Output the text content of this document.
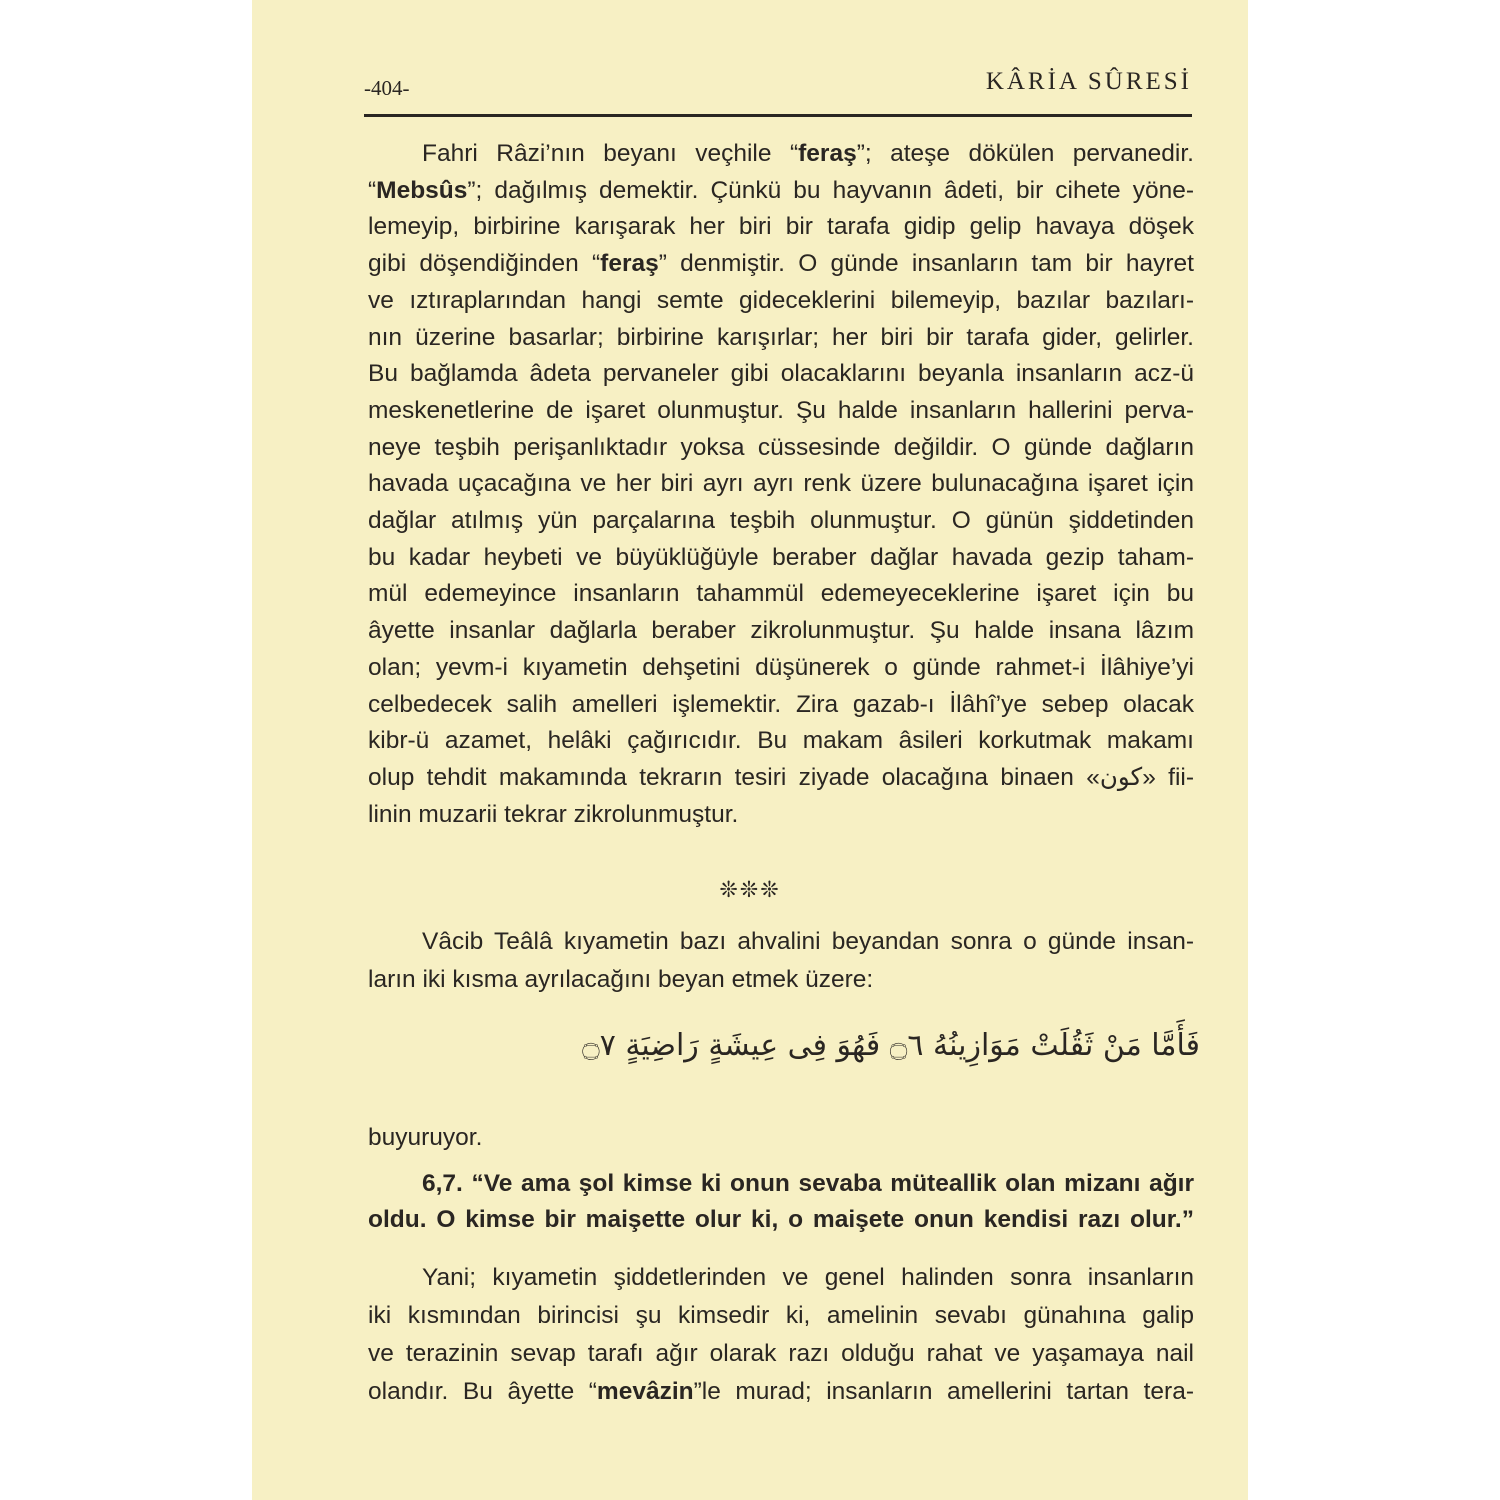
-404-	KÂRİA SÛRESİ
Fahri Râzi’nın beyanı veçhile “feraş”; ateşe dökülen pervanedir.
“Mebsûs”; dağılmış demektir. Çünkü bu hayvanın âdeti, bir cihete yöne-
lemeyip, birbirine karışarak her biri bir tarafa gidip gelip havaya döşek
gibi döşendiğinden “feraş” denmiştir. O günde insanların tam bir hayret
ve ıztıraplarından hangi semte gideceklerini bilemeyip, bazılar bazıları-
nın üzerine basarlar; birbirine karışırlar; her biri bir tarafa gider, gelirler.
Bu bağlamda âdeta pervaneler gibi olacaklarını beyanla insanların acz-ü
meskenetlerine de işaret olunmuştur. Şu halde insanların hallerini perva-
neye teşbih perişanlıktadır yoksa cüssesinde değildir. O günde dağların
havada uçacağına ve her biri ayrı ayrı renk üzere bulunacağına işaret için
dağlar atılmış yün parçalarına teşbih olunmuştur. O günün şiddetinden
bu kadar heybeti ve büyüklüğüyle beraber dağlar havada gezip taham-
mül edemeyince insanların tahammül edemeyeceklerine işaret için bu
âyette insanlar dağlarla beraber zikrolunmuştur. Şu halde insana lâzım
olan; yevm-i kıyametin dehşetini düşünerek o günde rahmet-i İlâhiye’yi
celbedecek salih amelleri işlemektir. Zira gazab-ı İlâhî’ye sebep olacak
kibr-ü azamet, helâki çağırıcıdır. Bu makam âsileri korkutmak makamı
olup tehdit makamında tekrarın tesiri ziyade olacağına binaen «كون» fii-
linin muzarii tekrar zikrolunmuştur.
❊❊❊
Vâcib Teâlâ kıyametin bazı ahvalini beyandan sonra o günde insan-
ların iki kısma ayrılacağını beyan etmek üzere:
فَأَمَّا مَنْ ثَقُلَتْ مَوَازِينُهُ ۝٦ فَهُوَ فِى عِيشَةٍ رَاضِيَةٍ ۝٧
buyuruyor.
6,7. “Ve ama şol kimse ki onun sevaba müteallik olan mizanı ağır
oldu. O kimse bir maişette olur ki, o maişete onun kendisi razı olur.”
Yani; kıyametin şiddetlerinden ve genel halinden sonra insanların
iki kısmından birincisi şu kimsedir ki, amelinin sevabı günahına galip
ve terazinin sevap tarafı ağır olarak razı olduğu rahat ve yaşamaya nail
olandır. Bu âyette “mevâzin”le murad; insanların amellerini tartan tera-
